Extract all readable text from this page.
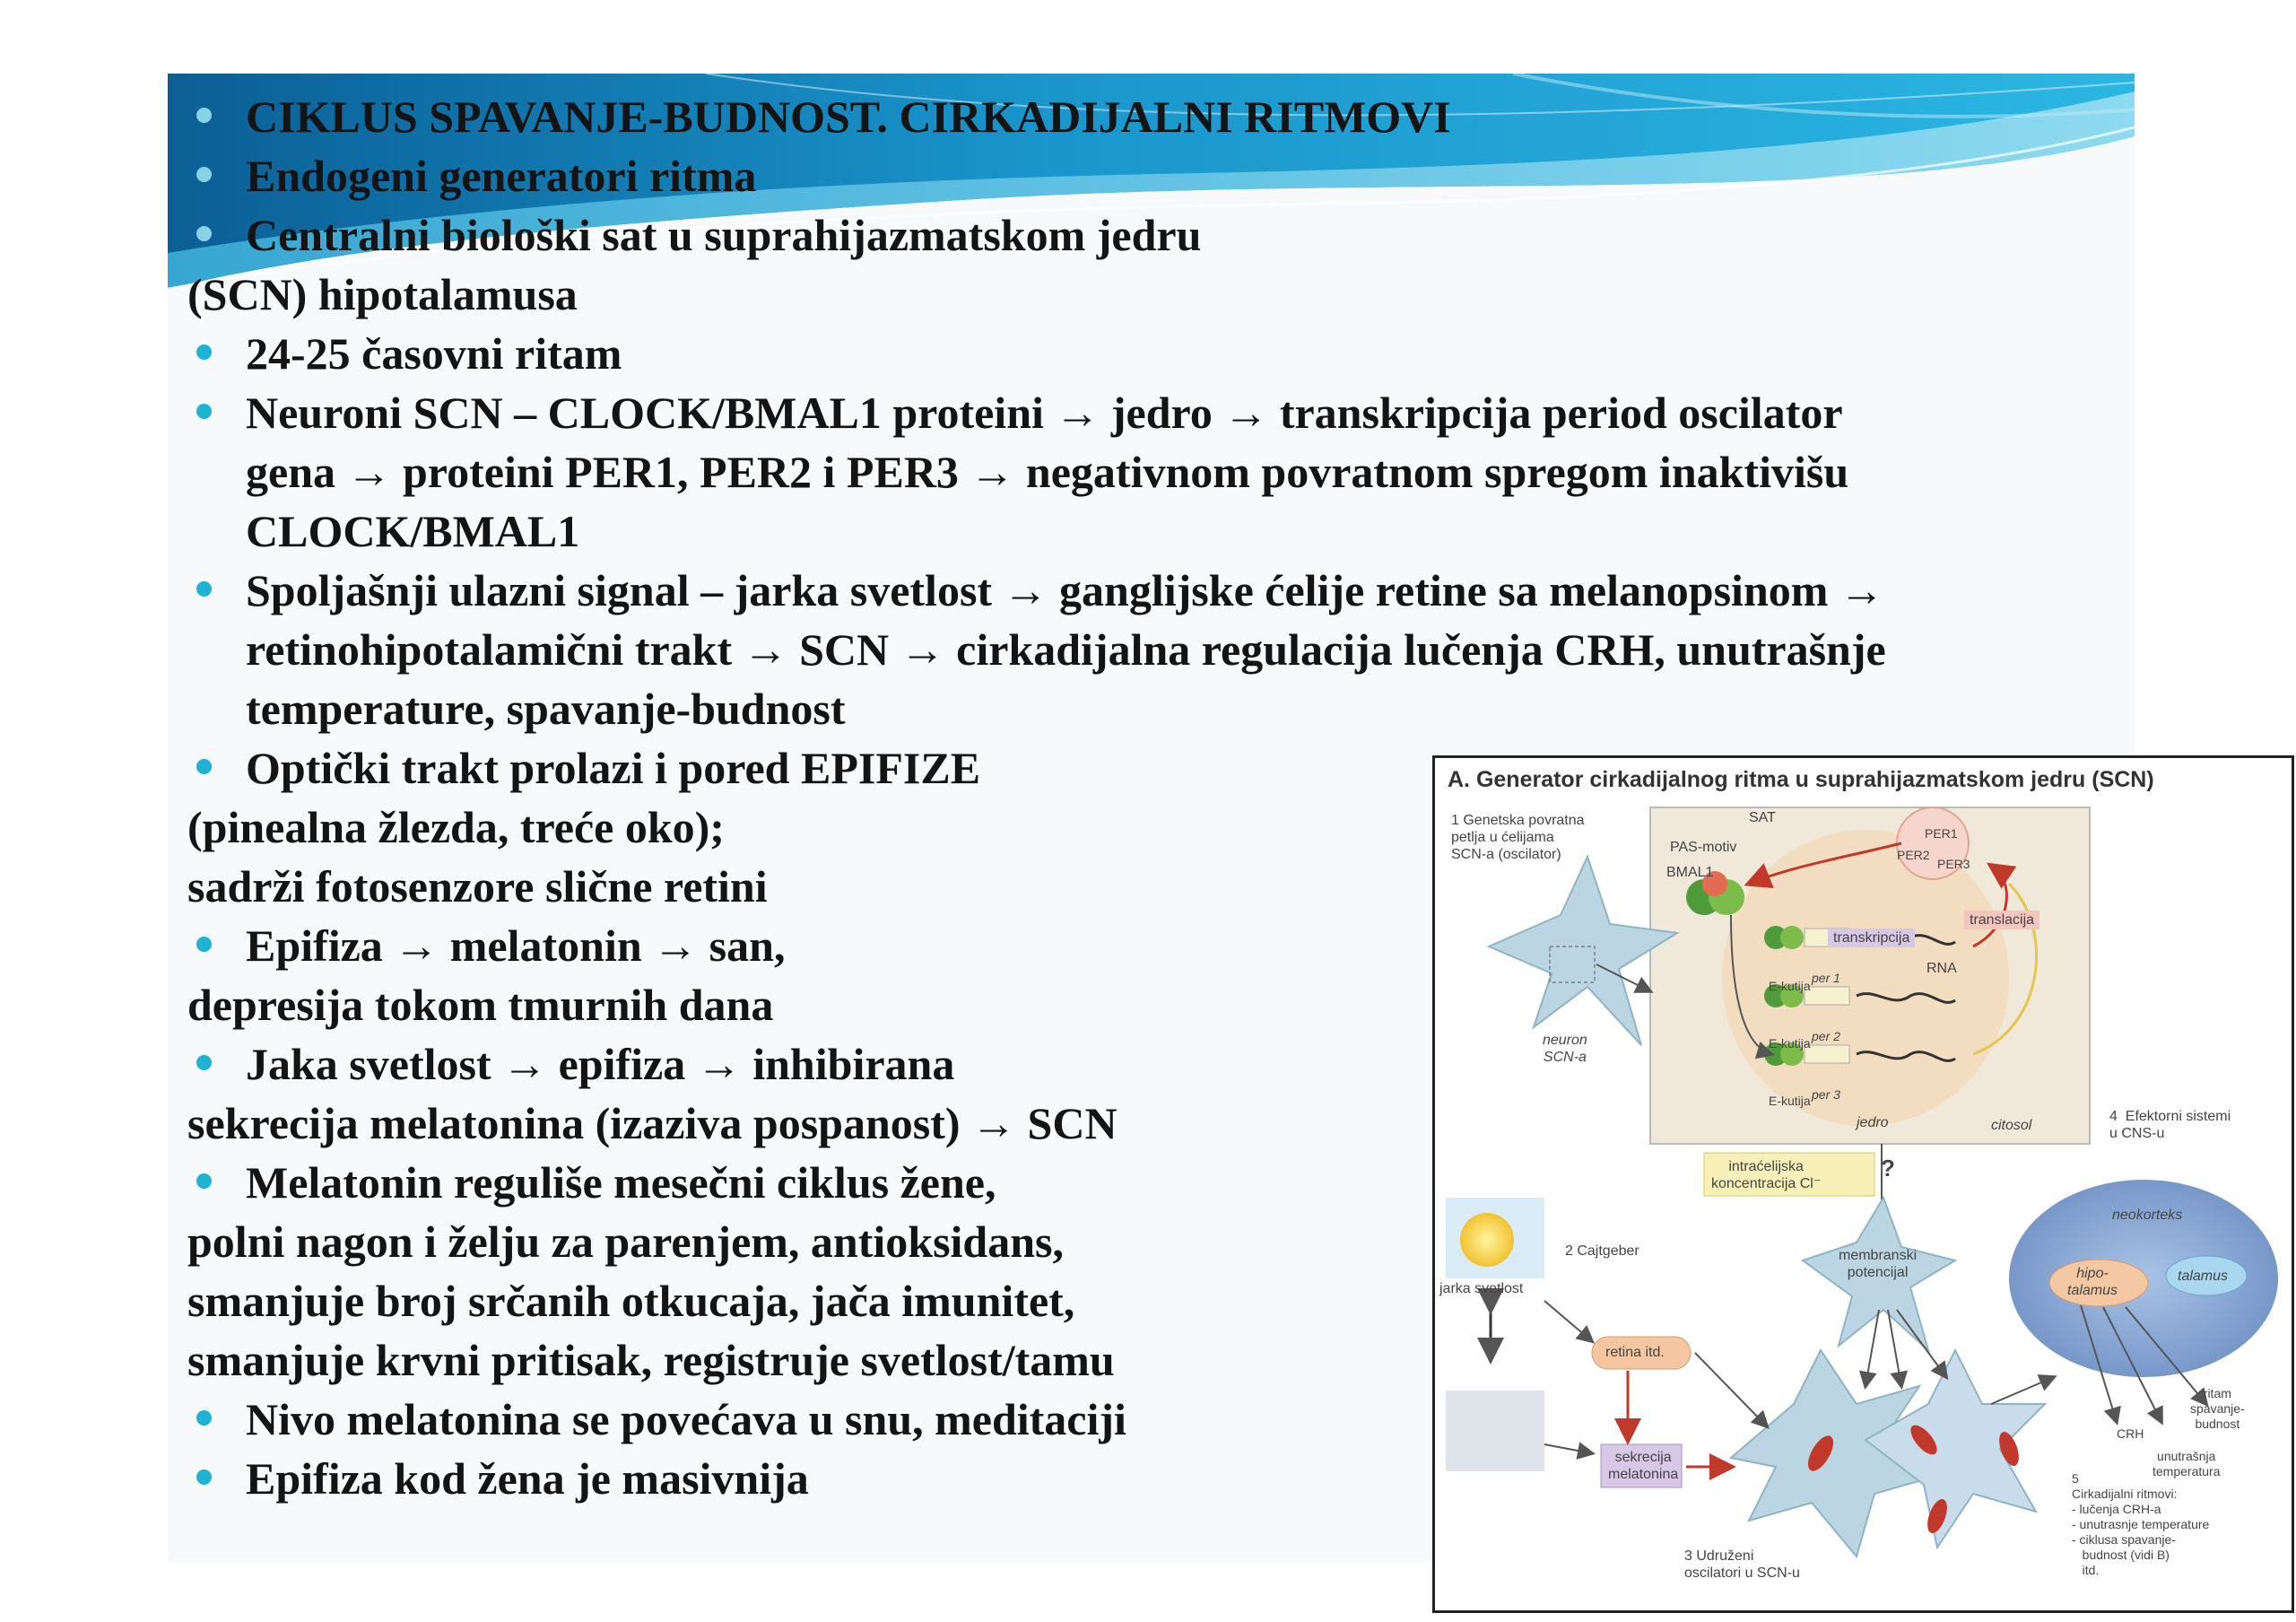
CIKLUS SPAVANJE-BUDNOST. CIRKADIJALNI RITMOVI
Endogeni generatori ritma
Centralni biološki sat u suprahijazmatskom jedru
(SCN) hipotalamusa
24-25 časovni ritam
Neuroni SCN – CLOCK/BMAL1 proteini → jedro → transkripcija period oscilator
gena → proteini PER1, PER2 i PER3 → negativnom povratnom spregom inaktivišu
CLOCK/BMAL1
Spoljašnji ulazni signal – jarka svetlost → ganglijske ćelije retine sa melanopsinom →
retinohipotalamični trakt → SCN → cirkadijalna regulacija lučenja CRH, unutrašnje
temperature, spavanje-budnost
Optički trakt prolazi i pored EPIFIZE
(pinealna žlezda, treće oko);
sadrži fotosenzore slične retini
Epifiza → melatonin → san,
depresija tokom tmurnih dana
Jaka svetlost → epifiza → inhibirana
sekrecija melatonina (izaziva pospanost) → SCN
Melatonin reguliše mesečni ciklus žene,
polni nagon i želju za parenjem, antioksidans,
smanjuje broj srčanih otkucaja, jača imunitet,
smanjuje krvni pritisak, registruje svetlost/tamu
Nivo melatonina se povećava u snu, meditaciji
Epifiza kod žena je masivnija
A. Generator cirkadijalnog ritma u suprahijazmatskom jedru (SCN)
1 Genetska povratna
petlja u ćelijama
SCN-a (oscilator)
SAT
PAS-motiv
BMAL1
PER1
PER2
PER3
transkripcija
translacija
RNA
E-kutija
E-kutija
E-kutija
per 1
per 2
per 3
jedro	citosol
neuron
SCN-a
intraćelijska
koncentracija Cl⁻
?
membranski
potencijal
4  Efektorni sistemi
u CNS-u
neokorteks
hipo-
talamus
talamus
2 Cajtgeber
jarka svetlost
retina itd.
sekrecija
melatonina
3 Udruženi
oscilatori u SCN-u
CRH
ritam
spavanje-
budnost
unutrašnja
temperatura
5
Cirkadijalni ritmovi:
- lučenja CRH-a
- unutrasnje temperature
- ciklusa spavanje-
budnost (vidi B)
itd.
